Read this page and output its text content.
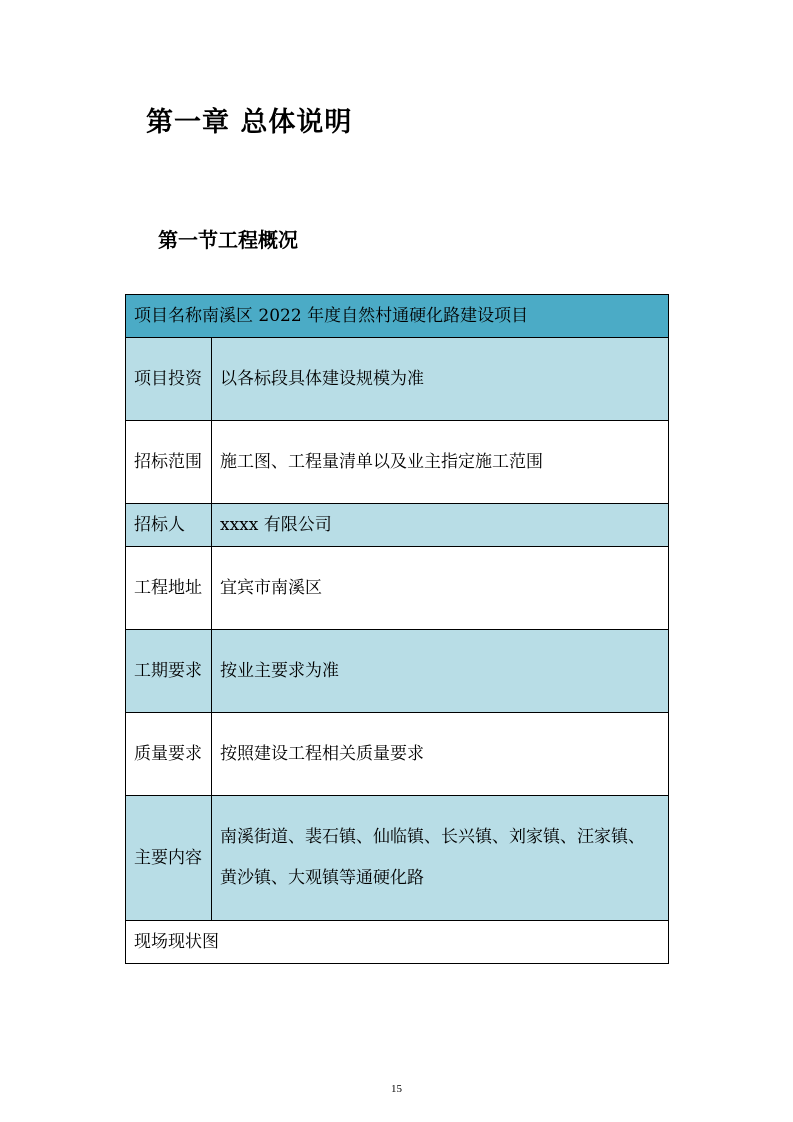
第一章 总体说明
第一节工程概况
项目名称南溪区 2022 年度自然村通硬化路建设项目	
项目投资	以各标段具体建设规模为准
招标范围	施工图、工程量清单以及业主指定施工范围
招标人	xxxx 有限公司
工程地址	宜宾市南溪区
工期要求	按业主要求为准
质量要求	按照建设工程相关质量要求
主要内容	南溪街道、裴石镇、仙临镇、长兴镇、刘家镇、汪家镇、
黄沙镇、大观镇等通硬化路
现场现状图	
15
